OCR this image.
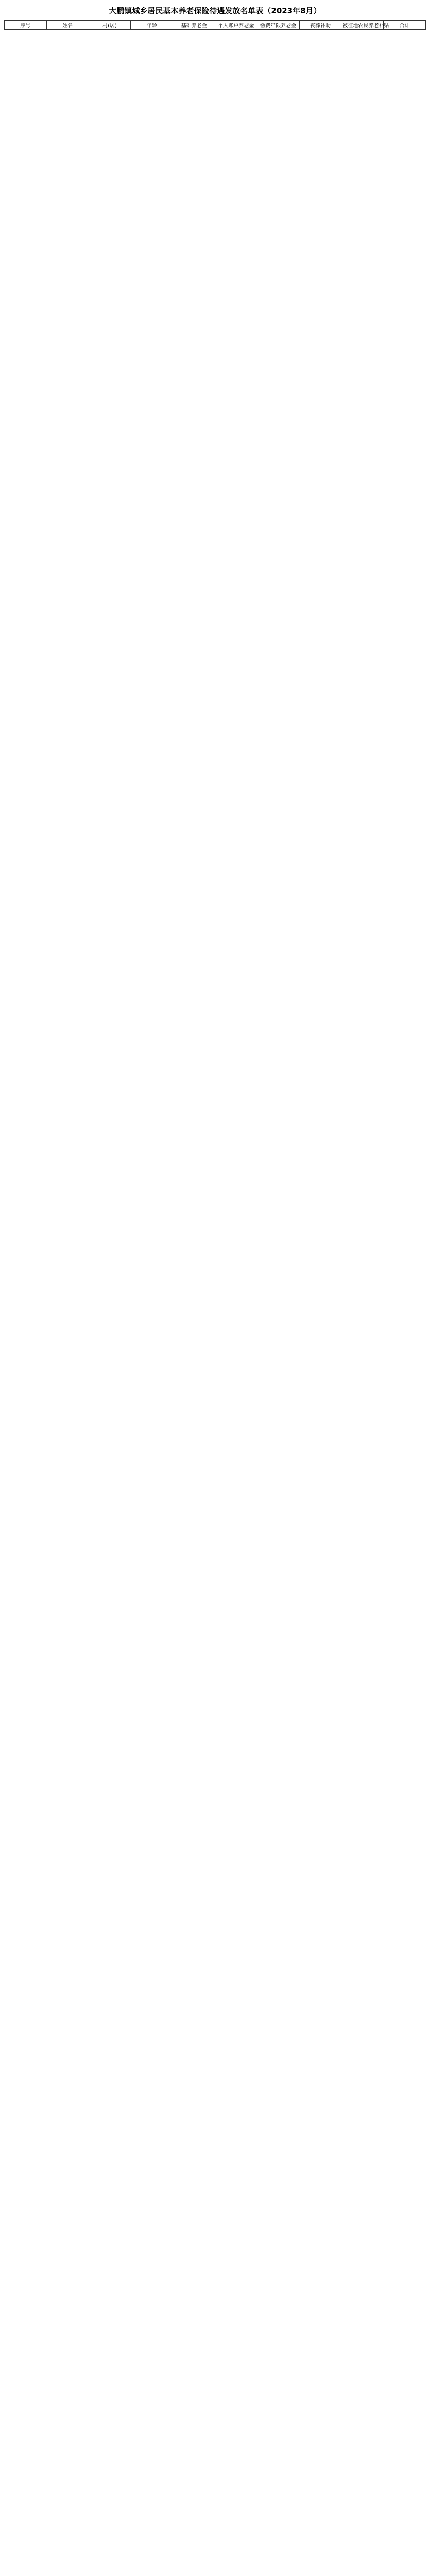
大鹏镇城乡居民基本养老保险待遇发放名单表（2023年8月）
序号	姓名	村(居)	年龄	基础养老金	个人账户养老金	缴费年限养老金	丧葬补助	被征地农民养老补贴	合计
